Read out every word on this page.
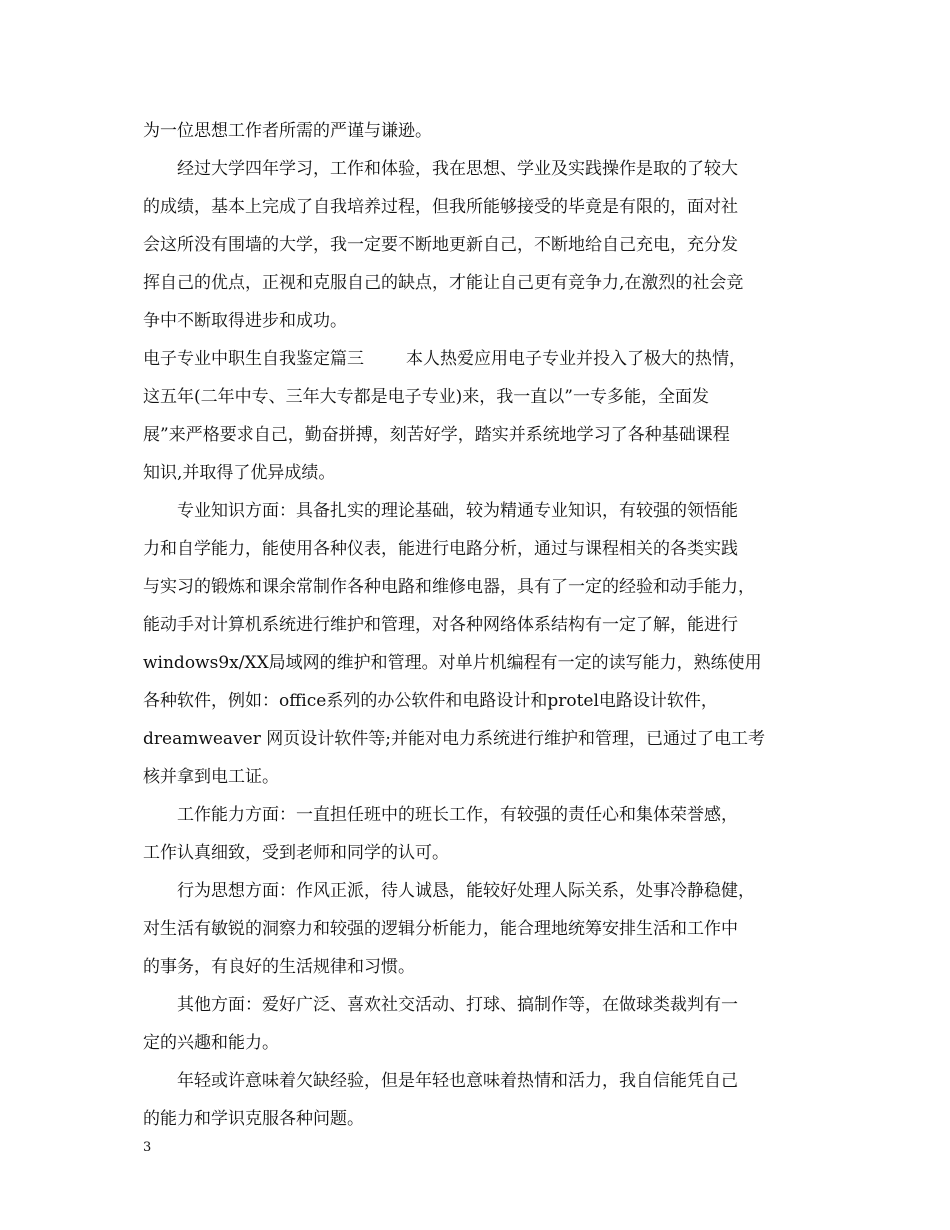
为一位思想工作者所需的严谨与谦逊。
经过大学四年学习，工作和体验，我在思想、学业及实践操作是取的了较大
的成绩，基本上完成了自我培养过程，但我所能够接受的毕竟是有限的，面对社
会这所没有围墙的大学，我一定要不断地更新自己，不断地给自己充电，充分发
挥自己的优点，正视和克服自己的缺点，才能让自己更有竞争力,在激烈的社会竞
争中不断取得进步和成功。
电子专业中职生自我鉴定篇三 本人热爱应用电子专业并投入了极大的热情，
这五年(二年中专、三年大专都是电子专业)来，我一直以”一专多能，全面发
展”来严格要求自己，勤奋拼搏，刻苦好学，踏实并系统地学习了各种基础课程
知识,并取得了优异成绩。
专业知识方面：具备扎实的理论基础，较为精通专业知识，有较强的领悟能
力和自学能力，能使用各种仪表，能进行电路分析，通过与课程相关的各类实践
与实习的锻炼和课余常制作各种电路和维修电器，具有了一定的经验和动手能力，
能动手对计算机系统进行维护和管理，对各种网络体系结构有一定了解，能进行
windows9x/XX局域网的维护和管理。对单片机编程有一定的读写能力，熟练使用
各种软件，例如：office系列的办公软件和电路设计和protel电路设计软件，
dreamweaver 网页设计软件等;并能对电力系统进行维护和管理，已通过了电工考
核并拿到电工证。
工作能力方面：一直担任班中的班长工作，有较强的责任心和集体荣誉感，
工作认真细致，受到老师和同学的认可。
行为思想方面：作风正派，待人诚恳，能较好处理人际关系，处事冷静稳健，
对生活有敏锐的洞察力和较强的逻辑分析能力，能合理地统筹安排生活和工作中
的事务，有良好的生活规律和习惯。
其他方面：爱好广泛、喜欢社交活动、打球、搞制作等，在做球类裁判有一
定的兴趣和能力。
年轻或许意味着欠缺经验，但是年轻也意味着热情和活力，我自信能凭自己
的能力和学识克服各种问题。
3
